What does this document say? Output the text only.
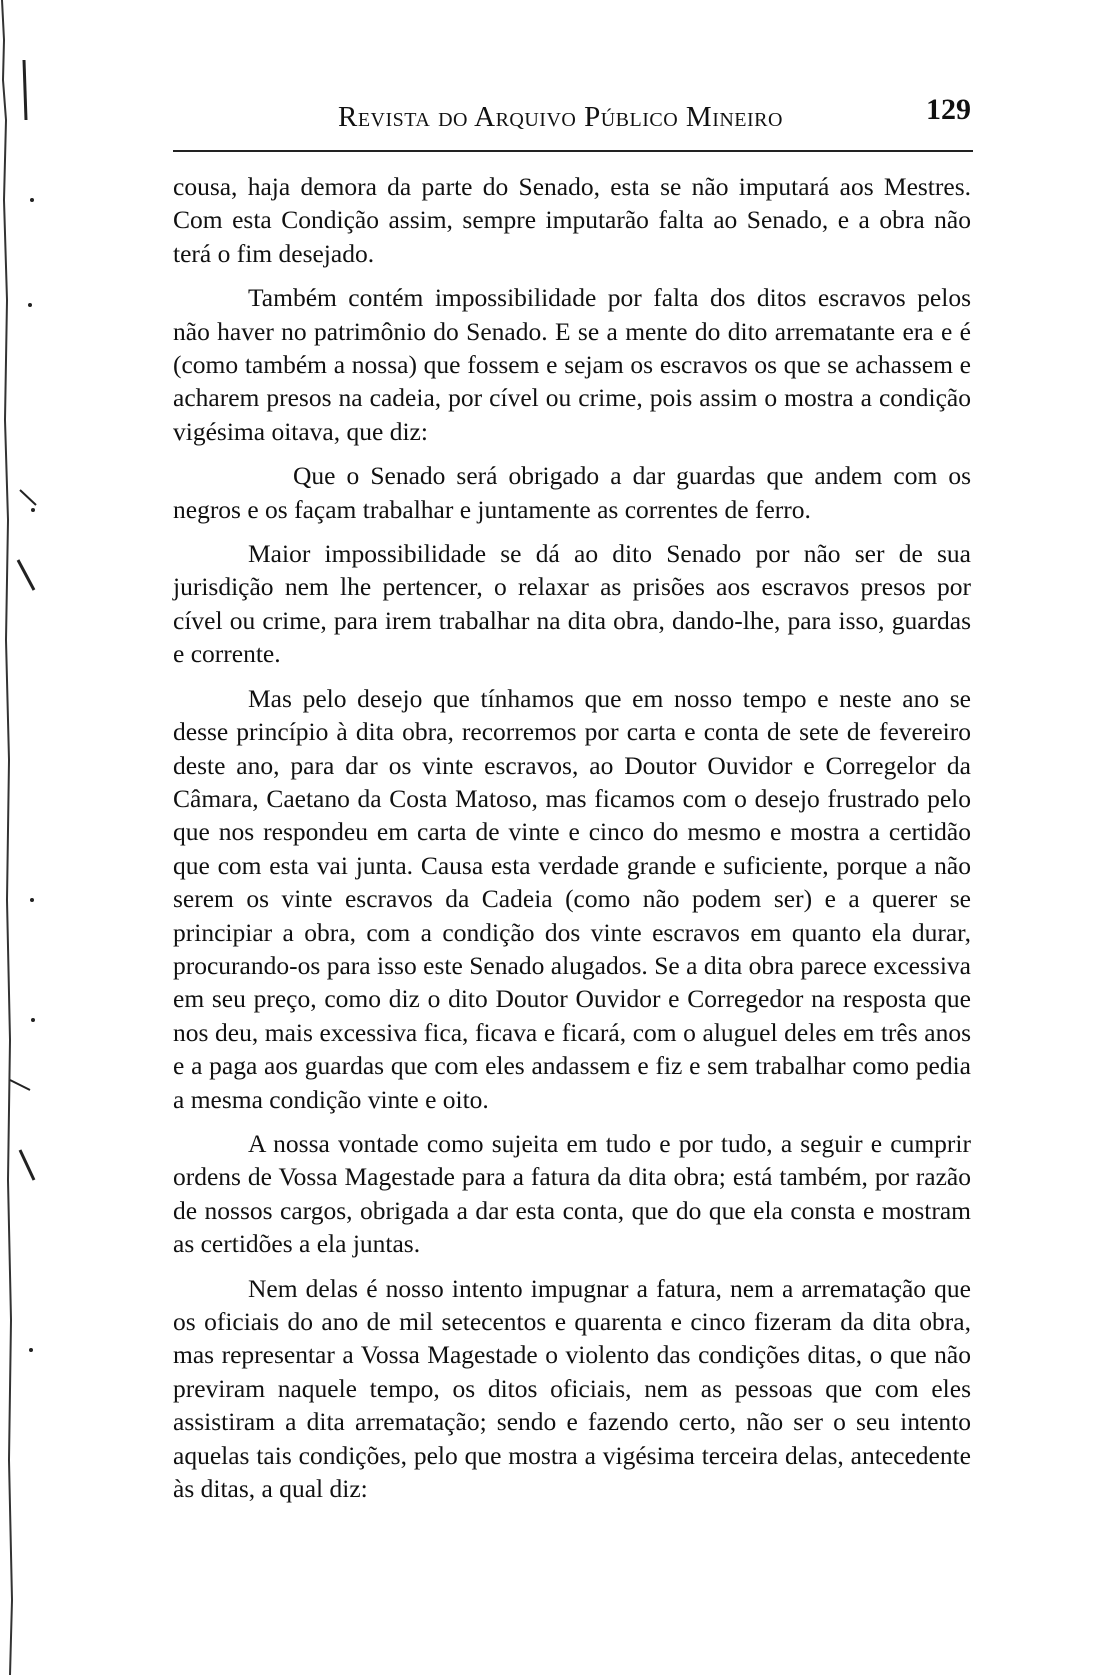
Revista do Arquivo Público Mineiro	129

cousa, haja demora da parte do Senado, esta se não imputará aos Mestres. Com esta Condição assim, sempre imputarão falta ao Senado, e a obra não terá o fim desejado.

Também contém impossibilidade por falta dos ditos escravos pelos não haver no patrimônio do Senado. E se a mente do dito arrematante era e é (como também a nossa) que fossem e sejam os escravos os que se achassem e acharem presos na cadeia, por cível ou crime, pois assim o mostra a condição vigésima oitava, que diz:

Que o Senado será obrigado a dar guardas que andem com os negros e os façam trabalhar e juntamente as correntes de ferro.

Maior impossibilidade se dá ao dito Senado por não ser de sua jurisdição nem lhe pertencer, o relaxar as prisões aos escravos presos por cível ou crime, para irem trabalhar na dita obra, dando-lhe, para isso, guardas e corrente.

Mas pelo desejo que tínhamos que em nosso tempo e neste ano se desse princípio à dita obra, recorremos por carta e conta de sete de fevereiro deste ano, para dar os vinte escravos, ao Doutor Ouvidor e Corregelor da Câmara, Caetano da Costa Matoso, mas ficamos com o desejo frustrado pelo que nos respondeu em carta de vinte e cinco do mesmo e mostra a certidão que com esta vai junta. Causa esta verdade grande e suficiente, porque a não serem os vinte escravos da Cadeia (como não podem ser) e a querer se principiar a obra, com a condição dos vinte escravos em quanto ela durar, procurando-os para isso este Senado alugados. Se a dita obra parece excessiva em seu preço, como diz o dito Doutor Ouvidor e Corregedor na resposta que nos deu, mais excessiva fica, ficava e ficará, com o aluguel deles em três anos e a paga aos guardas que com eles andassem e fiz e sem trabalhar como pedia a mesma condição vinte e oito.

A nossa vontade como sujeita em tudo e por tudo, a seguir e cumprir ordens de Vossa Magestade para a fatura da dita obra; está também, por razão de nossos cargos, obrigada a dar esta conta, que do que ela consta e mostram as certidões a ela juntas.

Nem delas é nosso intento impugnar a fatura, nem a arrematação que os oficiais do ano de mil setecentos e quarenta e cinco fizeram da dita obra, mas representar a Vossa Magestade o violento das condições ditas, o que não previram naquele tempo, os ditos oficiais, nem as pessoas que com eles assistiram a dita arrematação; sendo e fazendo certo, não ser o seu intento aquelas tais condições, pelo que mostra a vigésima terceira delas, antecedente às ditas, a qual diz:
